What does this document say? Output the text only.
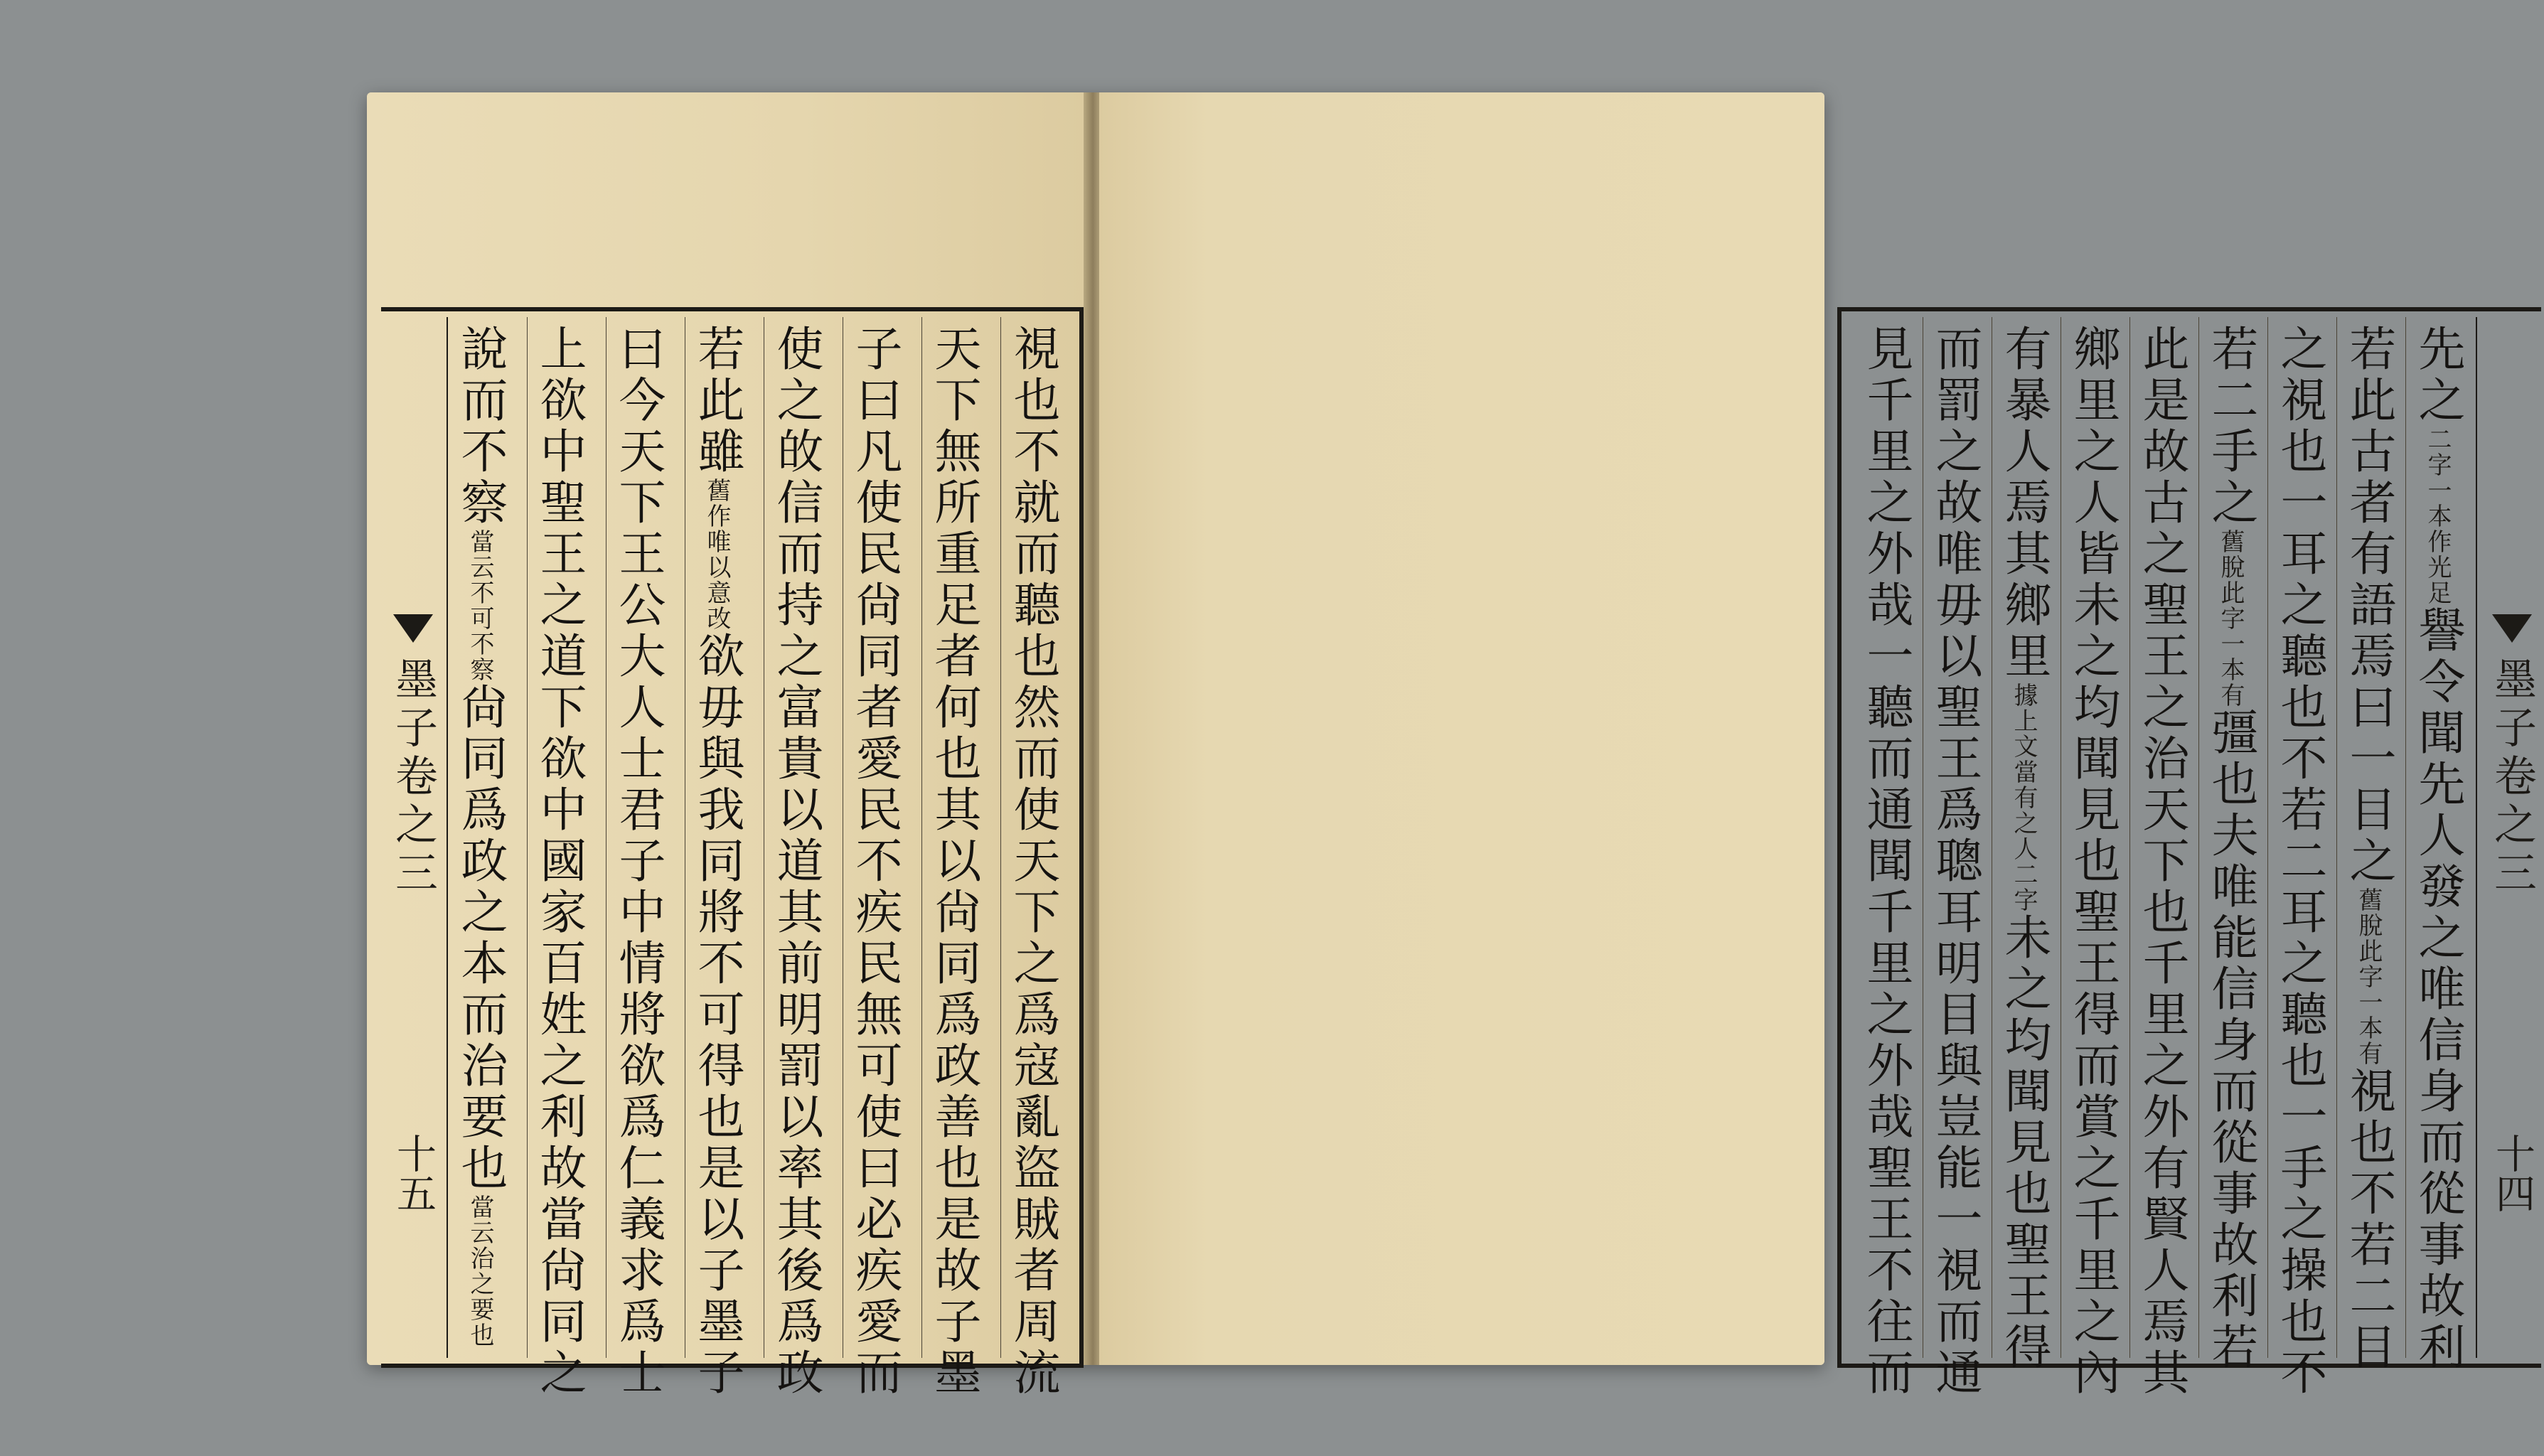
墨子卷之三
十五	視也不就而聽也然而使天下之爲寇亂盜賊者周流
天下無所重足者何也其以尙同爲政善也是故子墨
子曰凡使民尙同者愛民不疾民無可使曰必疾愛而
使之敀信而持之富貴以道其前明罰以率其後爲政
若此雖
舊作唯以意改
欲毋與我同將不可得也是以子墨子
曰今天下王公大人士君子中情將欲爲仁義求爲士
上欲中聖王之道下欲中國家百姓之利故當尙同之
說而不察
當云不可不察
尙同爲政之本而治要也
當云治之要也
先之
二字一本作光足
譽令聞先人發之唯信身而從事故利
若此古者有語焉曰一目之
舊脫此字一本有
視也不若二目
之視也一耳之聽也不若二耳之聽也一手之操也不
若二手之
舊脫此字一本有
彊也夫唯能信身而從事故利若
此是故古之聖王之治天下也千里之外有賢人焉其
鄉里之人皆未之均聞見也聖王得而賞之千里之內
有暴人焉其鄉里
據上文當有之人二字
未之均聞見也聖王得
而罰之故唯毋以聖王爲聰耳明目與豈能一視而通
見千里之外哉一聽而通聞千里之外哉聖王不往而	墨子卷之三
十四
